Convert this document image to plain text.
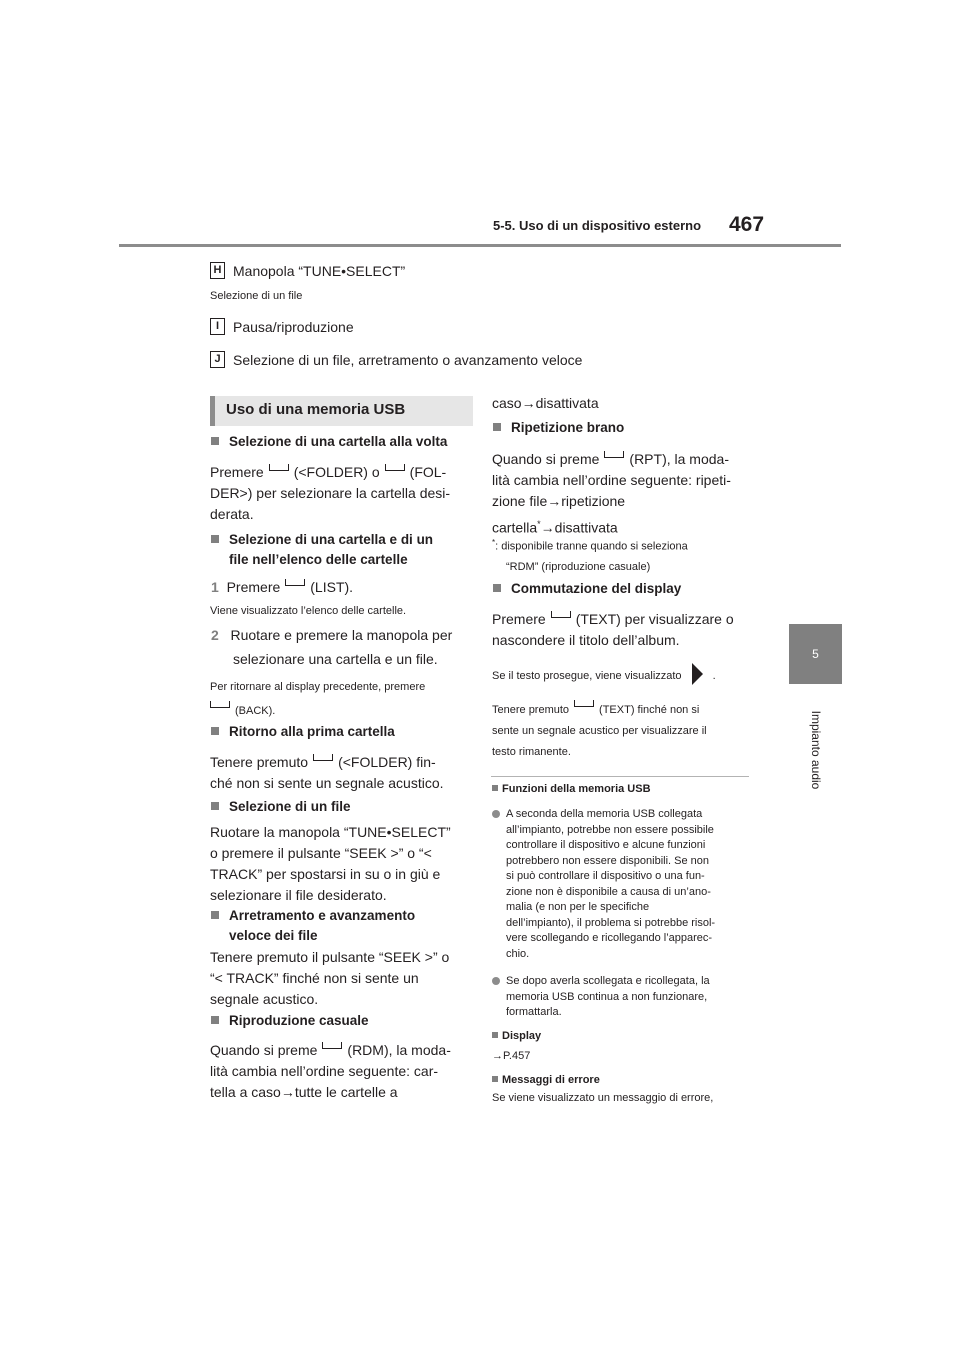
5-5. Uso di un dispositivo esterno 467
5
Impianto audio
H Manopola “TUNE•SELECT”
Selezione di un file
I Pausa/riproduzione
J Selezione di un file, arretramento o avanzamento veloce
Uso di una memoria USB
Selezione di una cartella alla volta
Premere (<FOLDER) o (FOL-
DER>) per selezionare la cartella desi-
derata.
Selezione di una cartella e di un
file nell’elenco delle cartelle
1 Premere (LIST).
Viene visualizzato l’elenco delle cartelle.
2 Ruotare e premere la manopola per
selezionare una cartella e un file.
Per ritornare al display precedente, premere
(BACK).
Ritorno alla prima cartella
Tenere premuto (<FOLDER) fin-
ché non si sente un segnale acustico.
Selezione di un file
Ruotare la manopola “TUNE•SELECT”
o premere il pulsante “SEEK >” o “<
TRACK” per spostarsi in su o in giù e
selezionare il file desiderato.
Arretramento e avanzamento
veloce dei file
Tenere premuto il pulsante “SEEK >” o
“< TRACK” finché non si sente un
segnale acustico.
Riproduzione casuale
Quando si preme (RDM), la moda-
lità cambia nell’ordine seguente: car-
tella a caso→tutte le cartelle a
caso→disattivata
Ripetizione brano
Quando si preme (RPT), la moda-
lità cambia nell’ordine seguente: ripeti-
zione file→ripetizione
cartella*→disattivata
*: disponibile tranne quando si seleziona
“RDM” (riproduzione casuale)
Commutazione del display
Premere (TEXT) per visualizzare o
nascondere il titolo dell’album.
Se il testo prosegue, viene visualizzato	.
Tenere premuto	(TEXT) finché non si
sente un segnale acustico per visualizzare il
testo rimanente.
Funzioni della memoria USB
A seconda della memoria USB collegata
all’impianto, potrebbe non essere possibile
controllare il dispositivo e alcune funzioni
potrebbero non essere disponibili. Se non
si può controllare il dispositivo o una fun-
zione non è disponibile a causa di un’ano-
malia (e non per le specifiche
dell’impianto), il problema si potrebbe risol-
vere scollegando e ricollegando l’apparec-
chio.
Se dopo averla scollegata e ricollegata, la
memoria USB continua a non funzionare,
formattarla.
Display
→P.457
Messaggi di errore
Se viene visualizzato un messaggio di errore,
